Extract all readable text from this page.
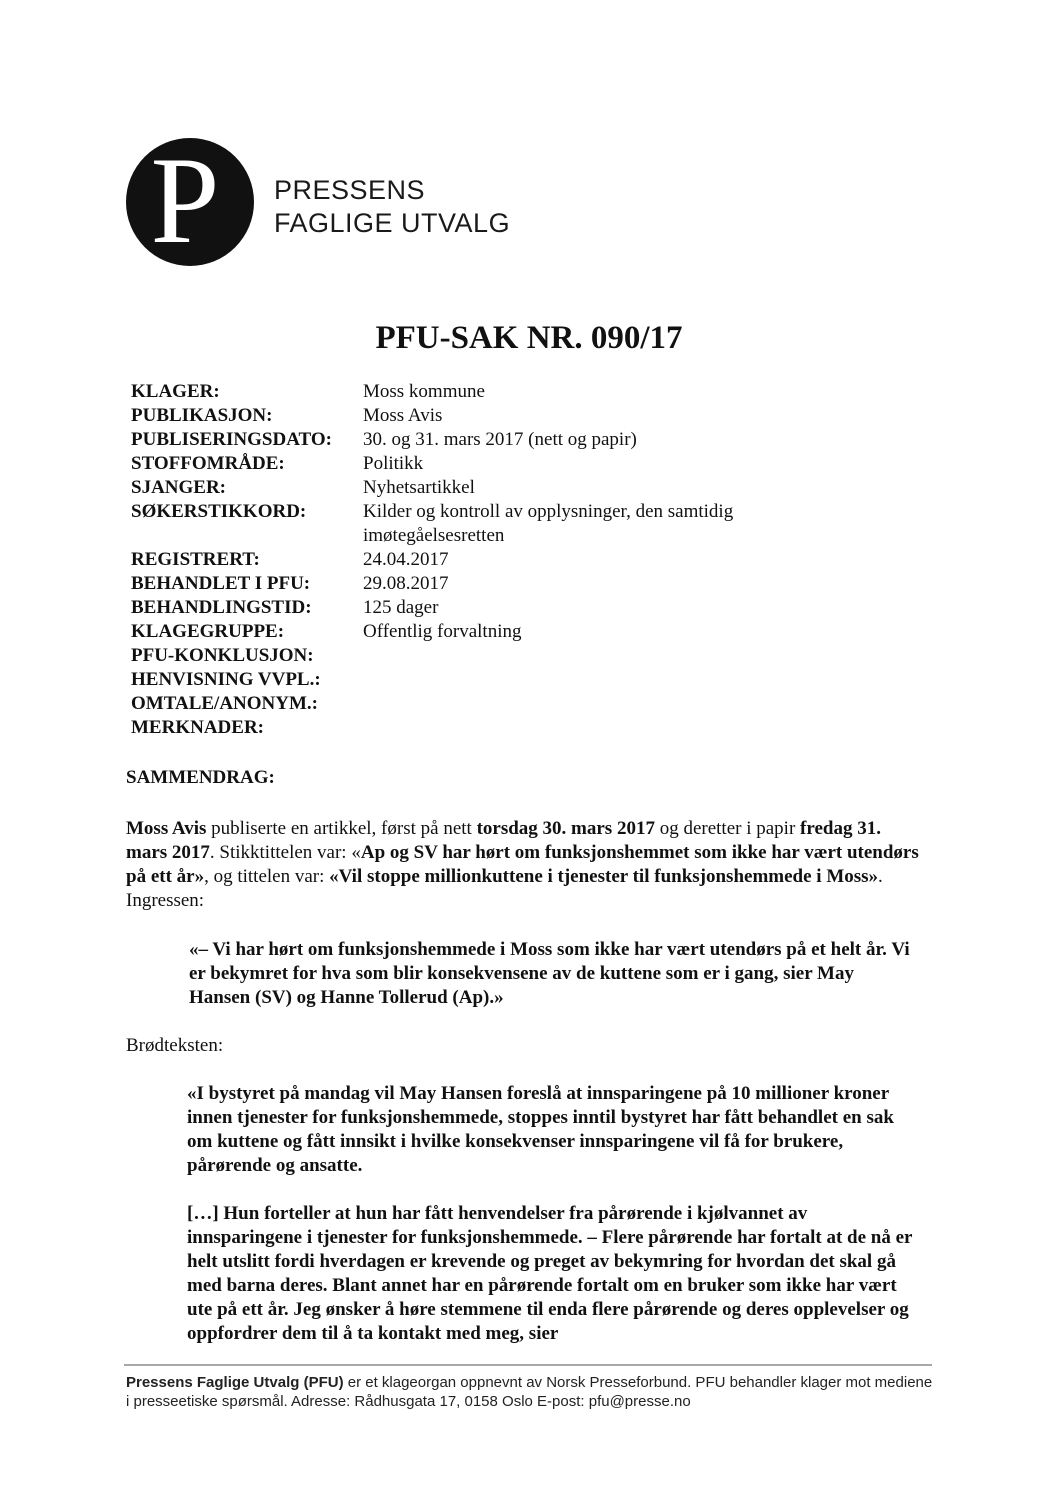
P PRESSENS
FAGLIGE UTVALG
PFU-SAK NR. 090/17
KLAGER:	Moss kommune
PUBLIKASJON:	Moss Avis
PUBLISERINGSDATO:	30. og 31. mars 2017 (nett og papir)
STOFFOMRÅDE:	Politikk
SJANGER:	Nyhetsartikkel
SØKERSTIKKORD:	Kilder og kontroll av opplysninger, den samtidig imøtegåelsesretten
REGISTRERT:	24.04.2017
BEHANDLET I PFU:	29.08.2017
BEHANDLINGSTID:	125 dager
KLAGEGRUPPE:	Offentlig forvaltning
PFU-KONKLUSJON:
HENVISNING VVPL.:
OMTALE/ANONYM.:
MERKNADER:
SAMMENDRAG:
Moss Avis publiserte en artikkel, først på nett torsdag 30. mars 2017 og deretter i papir fredag 31. mars 2017. Stikktittelen var: «Ap og SV har hørt om funksjonshemmet som ikke har vært utendørs på ett år», og tittelen var: «Vil stoppe millionkuttene i tjenester til funksjonshemmede i Moss». Ingressen:
«– Vi har hørt om funksjonshemmede i Moss som ikke har vært utendørs på et helt år. Vi er bekymret for hva som blir konsekvensene av de kuttene som er i gang, sier May Hansen (SV) og Hanne Tollerud (Ap).»
Brødteksten:
«I bystyret på mandag vil May Hansen foreslå at innsparingene på 10 millioner kroner innen tjenester for funksjonshemmede, stoppes inntil bystyret har fått behandlet en sak om kuttene og fått innsikt i hvilke konsekvenser innsparingene vil få for brukere, pårørende og ansatte.
[…] Hun forteller at hun har fått henvendelser fra pårørende i kjølvannet av innsparingene i tjenester for funksjonshemmede. – Flere pårørende har fortalt at de nå er helt utslitt fordi hverdagen er krevende og preget av bekymring for hvordan det skal gå med barna deres. Blant annet har en pårørende fortalt om en bruker som ikke har vært ute på ett år. Jeg ønsker å høre stemmene til enda flere pårørende og deres opplevelser og oppfordrer dem til å ta kontakt med meg, sier
Pressens Faglige Utvalg (PFU) er et klageorgan oppnevnt av Norsk Presseforbund. PFU behandler klager mot mediene i presseetiske spørsmål. Adresse: Rådhusgata 17, 0158 Oslo E-post: pfu@presse.no
